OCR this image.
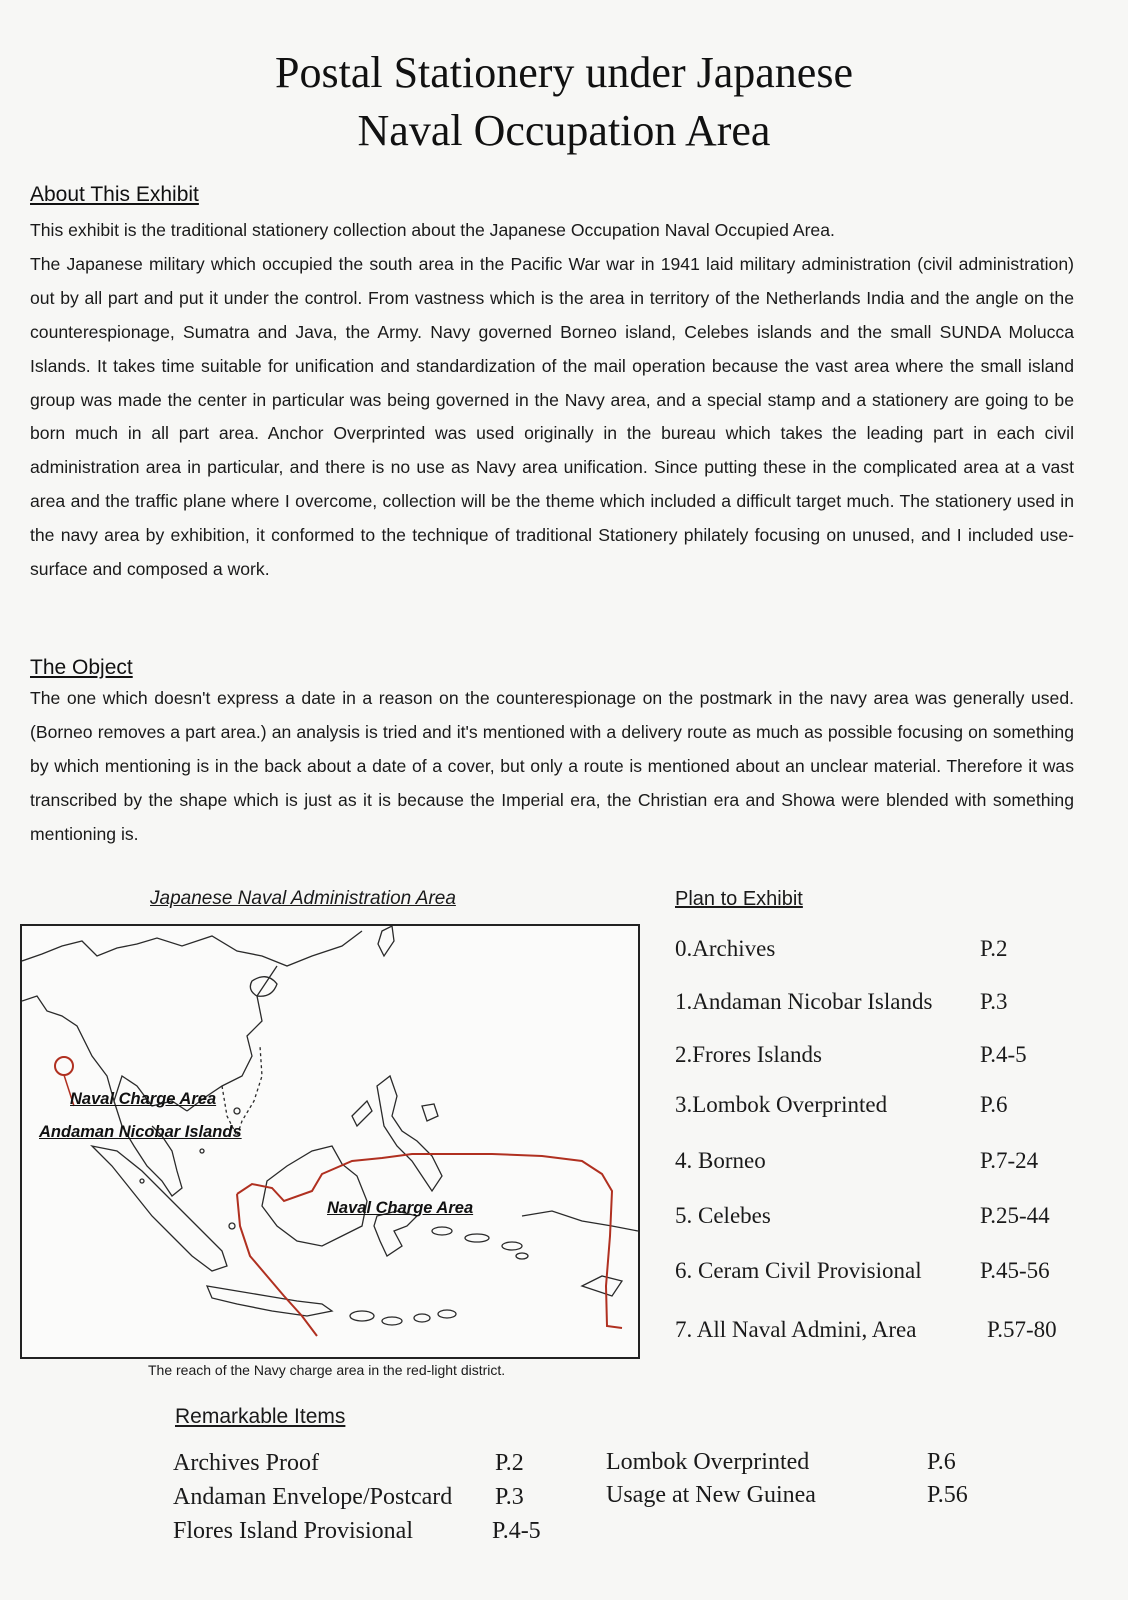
Postal Stationery under Japanese
Naval Occupation Area
About This Exhibit

This exhibit is the traditional stationery collection about the Japanese Occupation Naval Occupied Area.

The Japanese military which occupied the south area in the Pacific War war in 1941 laid military administration (civil administration) out by all part and put it under the control. From vastness which is the area in territory of the Netherlands India and the angle on the counterespionage, Sumatra and Java, the Army. Navy governed Borneo island, Celebes islands and the small SUNDA Molucca Islands. It takes time suitable for unification and standardization of the mail operation because the vast area where the small island group was made the center in particular was being governed in the Navy area, and a special stamp and a stationery are going to be born much in all part area. Anchor Overprinted was used originally in the bureau which takes the leading part in each civil administration area in particular, and there is no use as Navy area unification. Since putting these in the complicated area at a vast area and the traffic plane where I overcome, collection will be the theme which included a difficult target much. The stationery used in the navy area by exhibition, it conformed to the technique of traditional Stationery philately focusing on unused, and I included use-surface and composed a work.

The Object

The one which doesn't express a date in a reason on the counterespionage on the postmark in the navy area was generally used. (Borneo removes a part area.) an analysis is tried and it's mentioned with a delivery route as much as possible focusing on something by which mentioning is in the back about a date of a cover, but only a route is mentioned about an unclear material. Therefore it was transcribed by the shape which is just as it is because the Imperial era, the Christian era and Showa were blended with something mentioning is.

Japanese Naval Administration Area
Naval Charge Area
Andaman Nicobar Islands
Naval Charge Area
The reach of the Navy charge area in the red-light district.
Plan to Exhibit
0.Archives	P.2
1.Andaman Nicobar Islands P.3
2.Frores Islands	P.4-5
3.Lombok Overprinted	P.6
4. Borneo	P.7-24
5. Celebes	P.25-44
6. Ceram Civil Provisional	P.45-56
7. All Naval Admini, Area	P.57-80
Remarkable Items
Archives Proof	P.2
Andaman Envelope/Postcard P.3
Flores Island Provisional	P.4-5
Lombok Overprinted	P.6
Usage at New Guinea	P.56
